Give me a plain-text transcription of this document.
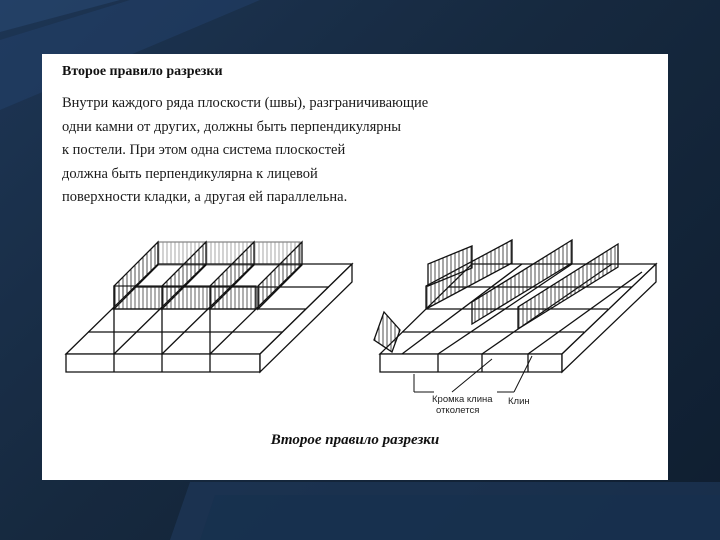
Второе правило разрезки
Внутри каждого ряда плоскости (швы), разграничивающие
одни камни от других, должны быть перпендикулярны
к постели. При этом одна система плоскостей
должна быть перпендикулярна к лицевой
поверхности кладки, а другая ей параллельна.
Кромка клина
отколется
Клин
Второе правило разрезки
